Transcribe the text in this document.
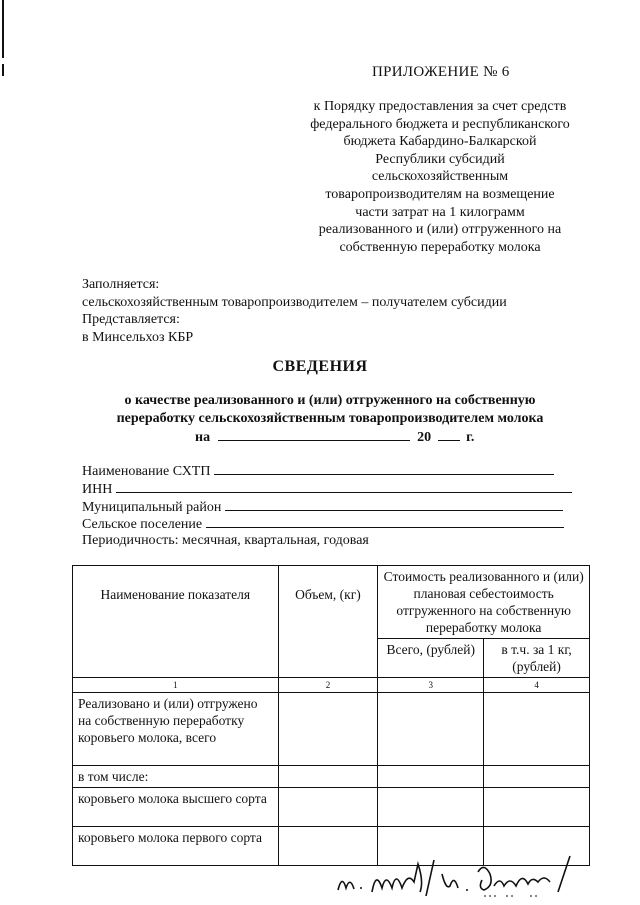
ПРИЛОЖЕНИЕ № 6
к Порядку предоставления за счет средств
федерального бюджета и республиканского
бюджета Кабардино-Балкарской
Республики субсидий
сельскохозяйственным
товаропроизводителям на возмещение
части затрат на 1 килограмм
реализованного и (или) отгруженного на
собственную переработку молока
Заполняется:
сельскохозяйственным товаропроизводителем – получателем субсидии
Представляется:
в Минсельхоз КБР
СВЕДЕНИЯ
о качестве реализованного и (или) отгруженного на собственную
переработку сельскохозяйственным товаропроизводителем молока
на	20	г.
Наименование СХТП
ИНН
Муниципальный район
Сельское поселение
Периодичность: месячная, квартальная, годовая
Наименование показателя	Объем, (кг)	Стоимость реализованного и (или) плановая себестоимость отгруженного на собственную переработку молока	
		Всего, (рублей)	в т.ч. за 1 кг, (рублей)
1	2	3	4
Реализовано и (или) отгружено на собственную переработку коровьего молока, всего			
в том числе:			
коровьего молока высшего сорта			
коровьего молока первого сорта			
